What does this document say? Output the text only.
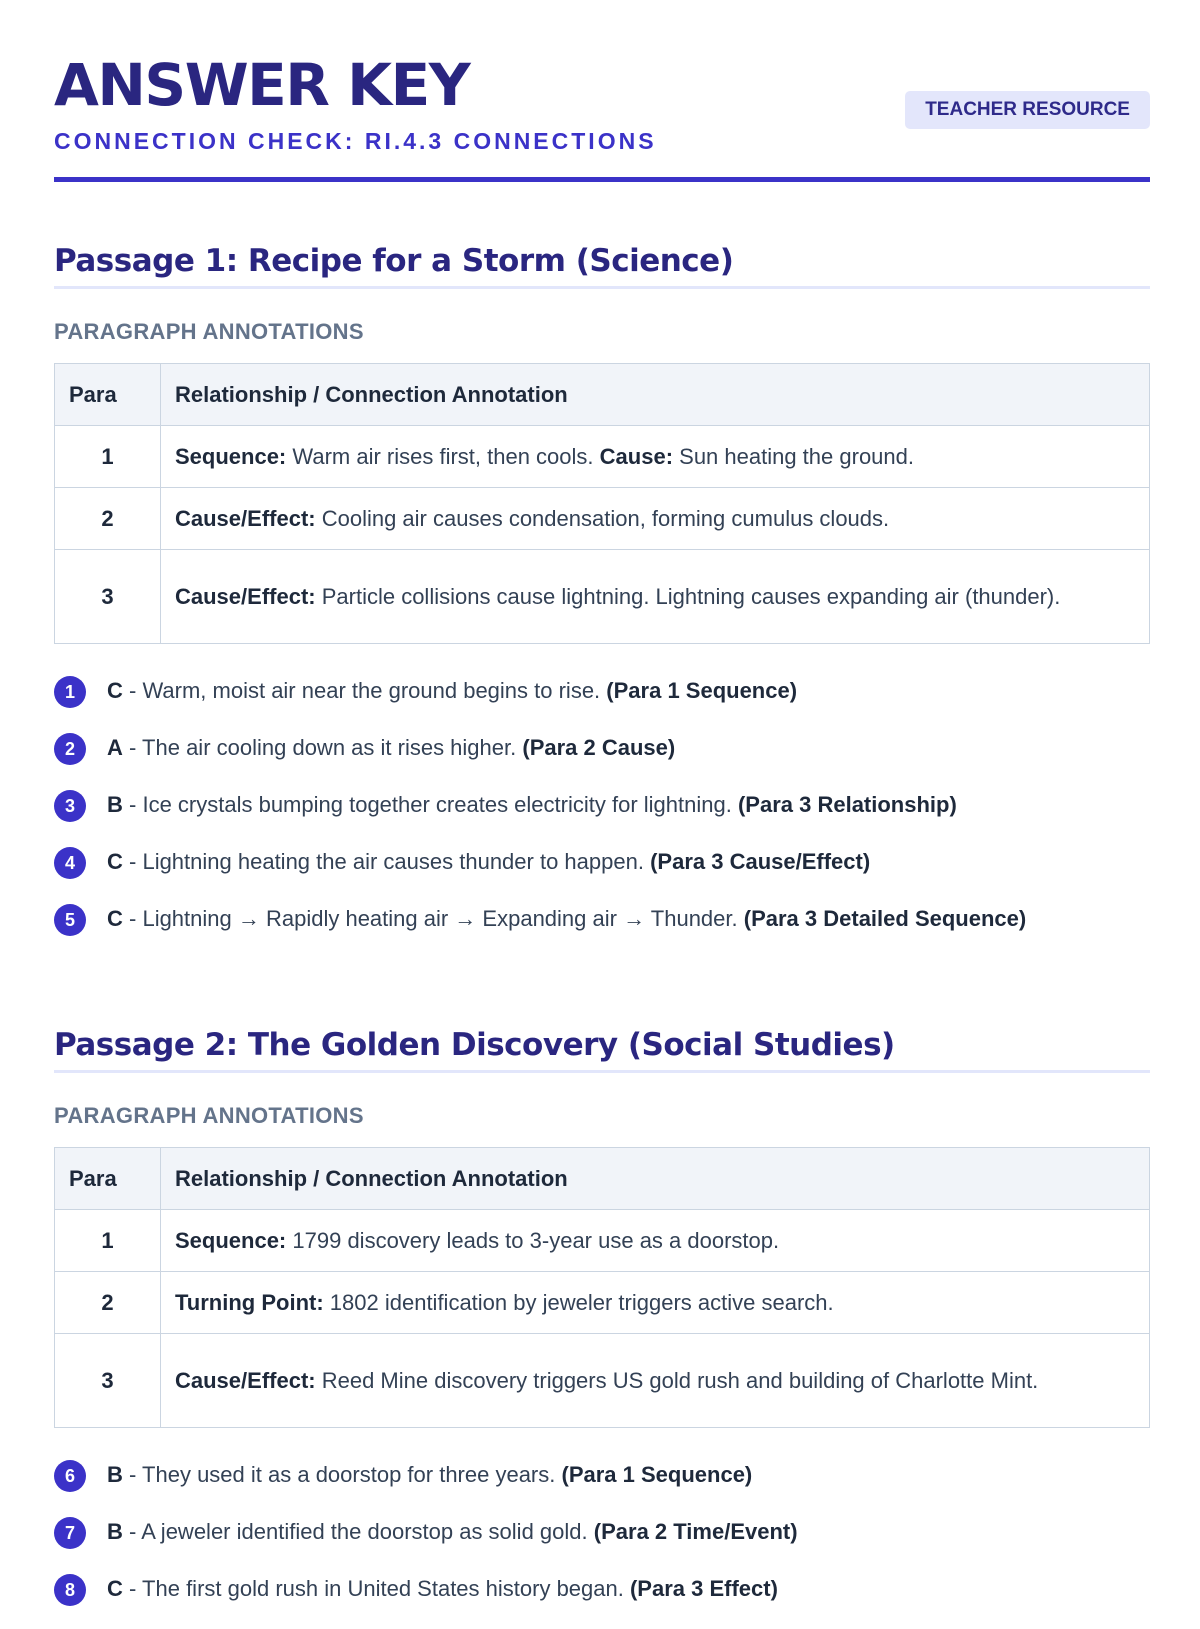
ANSWER KEY
CONNECTION CHECK: RI.4.3 CONNECTIONS
TEACHER RESOURCE
Passage 1: Recipe for a Storm (Science)
PARAGRAPH ANNOTATIONS
Para	Relationship / Connection Annotation
1	Sequence: Warm air rises first, then cools. Cause: Sun heating the ground.
2	Cause/Effect: Cooling air causes condensation, forming cumulus clouds.
3	Cause/Effect: Particle collisions cause lightning. Lightning causes expanding air (thunder).
1	C - Warm, moist air near the ground begins to rise. (Para 1 Sequence)
2	A - The air cooling down as it rises higher. (Para 2 Cause)
3	B - Ice crystals bumping together creates electricity for lightning. (Para 3 Relationship)
4	C - Lightning heating the air causes thunder to happen. (Para 3 Cause/Effect)
5	C - Lightning → Rapidly heating air → Expanding air → Thunder. (Para 3 Detailed Sequence)
Passage 2: The Golden Discovery (Social Studies)
PARAGRAPH ANNOTATIONS
Para	Relationship / Connection Annotation
1	Sequence: 1799 discovery leads to 3-year use as a doorstop.
2	Turning Point: 1802 identification by jeweler triggers active search.
3	Cause/Effect: Reed Mine discovery triggers US gold rush and building of Charlotte Mint.
6	B - They used it as a doorstop for three years. (Para 1 Sequence)
7	B - A jeweler identified the doorstop as solid gold. (Para 2 Time/Event)
8	C - The first gold rush in United States history began. (Para 3 Effect)
